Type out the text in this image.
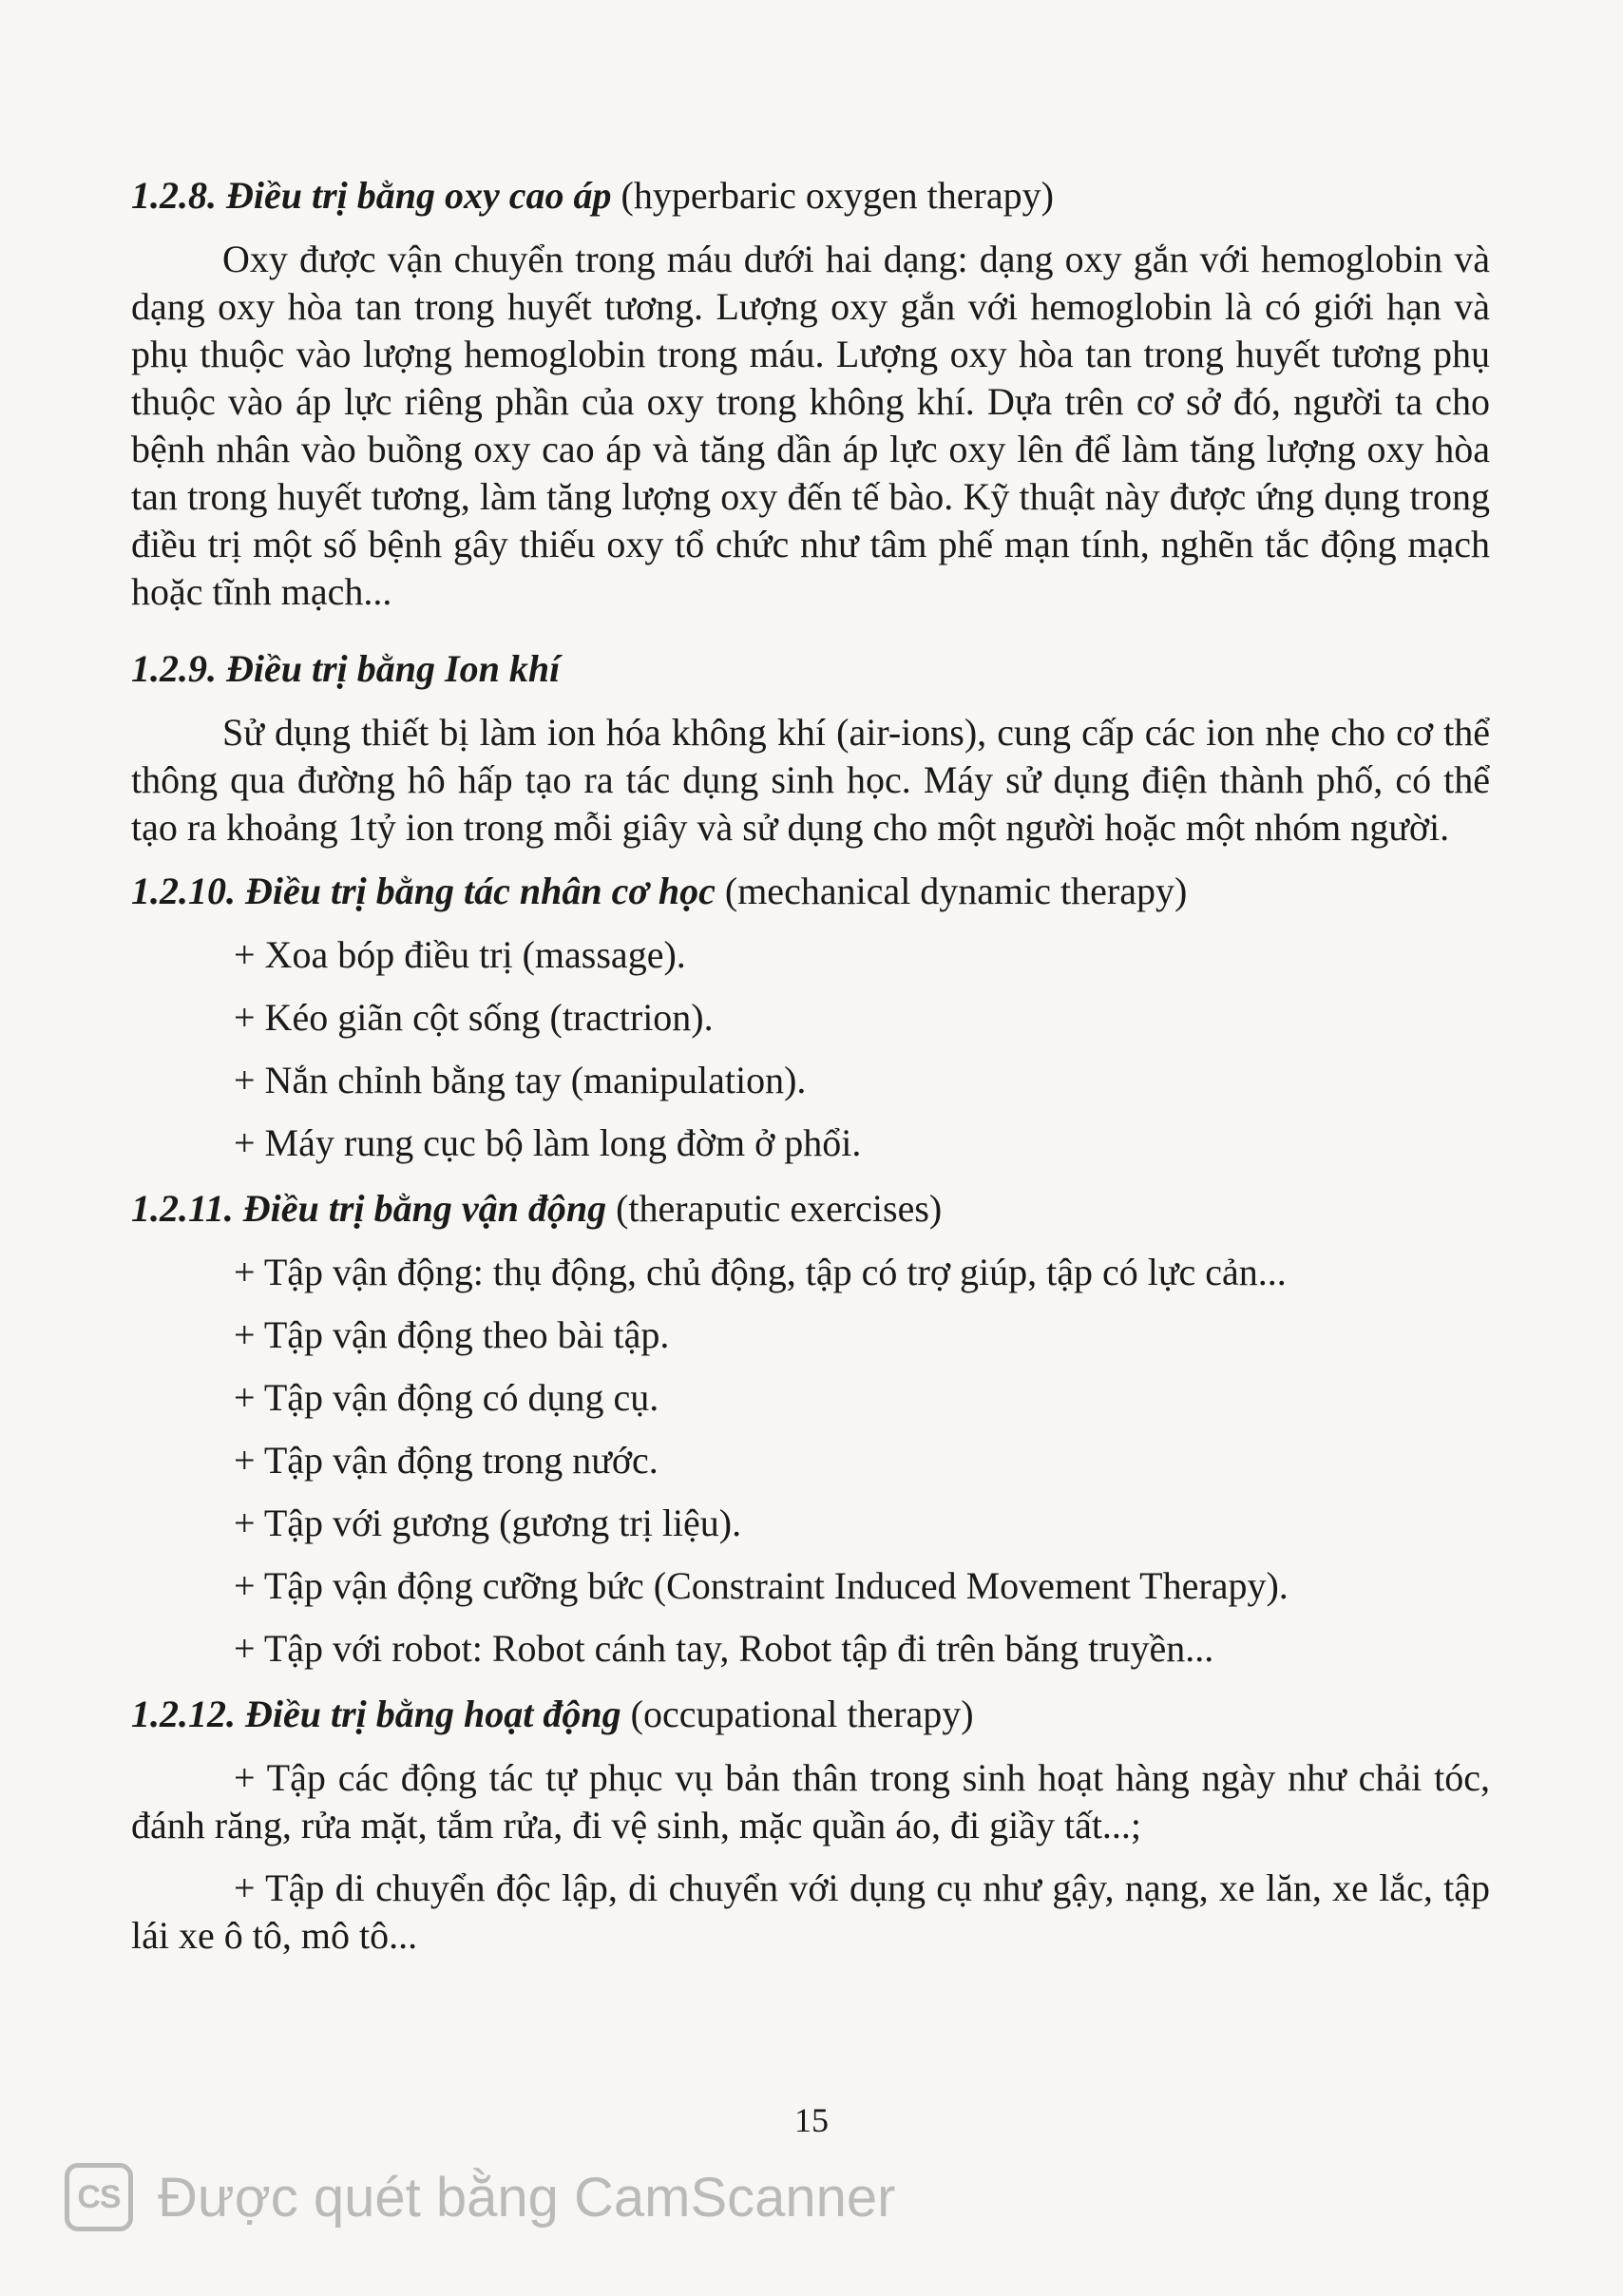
1.2.8. Điều trị bằng oxy cao áp (hyperbaric oxygen therapy)

Oxy được vận chuyển trong máu dưới hai dạng: dạng oxy gắn với hemoglobin và dạng oxy hòa tan trong huyết tương. Lượng oxy gắn với hemoglobin là có giới hạn và phụ thuộc vào lượng hemoglobin trong máu. Lượng oxy hòa tan trong huyết tương phụ thuộc vào áp lực riêng phần của oxy trong không khí. Dựa trên cơ sở đó, người ta cho bệnh nhân vào buồng oxy cao áp và tăng dần áp lực oxy lên để làm tăng lượng oxy hòa tan trong huyết tương, làm tăng lượng oxy đến tế bào. Kỹ thuật này được ứng dụng trong điều trị một số bệnh gây thiếu oxy tổ chức như tâm phế mạn tính, nghẽn tắc động mạch hoặc tĩnh mạch...

1.2.9. Điều trị bằng Ion khí

Sử dụng thiết bị làm ion hóa không khí (air-ions), cung cấp các ion nhẹ cho cơ thể thông qua đường hô hấp tạo ra tác dụng sinh học. Máy sử dụng điện thành phố, có thể tạo ra khoảng 1tỷ ion trong mỗi giây và sử dụng cho một người hoặc một nhóm người.

1.2.10. Điều trị bằng tác nhân cơ học (mechanical dynamic therapy)

+ Xoa bóp điều trị (massage).
+ Kéo giãn cột sống (tractrion).
+ Nắn chỉnh bằng tay (manipulation).
+ Máy rung cục bộ làm long đờm ở phổi.

1.2.11. Điều trị bằng vận động (theraputic exercises)

+ Tập vận động: thụ động, chủ động, tập có trợ giúp, tập có lực cản...
+ Tập vận động theo bài tập.
+ Tập vận động có dụng cụ.
+ Tập vận động trong nước.
+ Tập với gương (gương trị liệu).
+ Tập vận động cưỡng bức (Constraint Induced Movement Therapy).
+ Tập với robot: Robot cánh tay, Robot tập đi trên băng truyền...

1.2.12. Điều trị bằng hoạt động (occupational therapy)

+ Tập các động tác tự phục vụ bản thân trong sinh hoạt hàng ngày như chải tóc, đánh răng, rửa mặt, tắm rửa, đi vệ sinh, mặc quần áo, đi giầy tất...;
+ Tập di chuyển độc lập, di chuyển với dụng cụ như gậy, nạng, xe lăn, xe lắc, tập lái xe ô tô, mô tô...
15
CS Được quét bằng CamScanner
